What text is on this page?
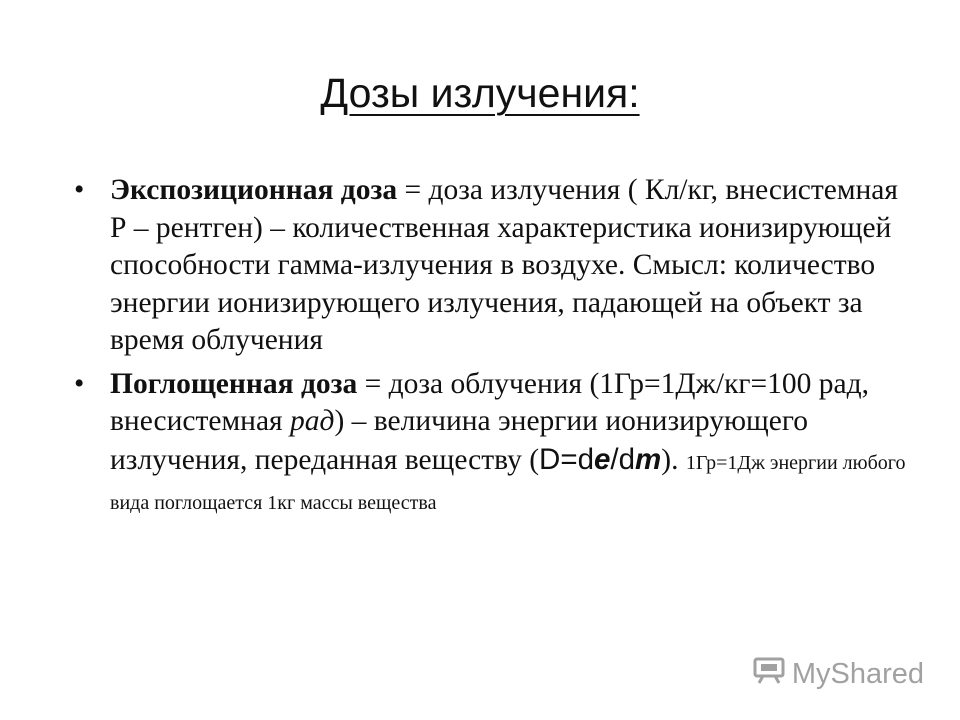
Дозы излучения:
• Экспозиционная доза = доза излучения ( Кл/кг, внесистемная Р – рентген) – количественная характеристика ионизирующей способности гамма-излучения в воздухе. Смысл: количество энергии ионизирующего излучения, падающей на объект за время облучения
• Поглощенная доза = доза облучения (1Гр=1Дж/кг=100 рад, внесистемная рад) – величина энергии ионизирующего излучения, переданная веществу (D=de/dm). 1Гр=1Дж энергии любого вида поглощается 1кг массы вещества
MyShared
